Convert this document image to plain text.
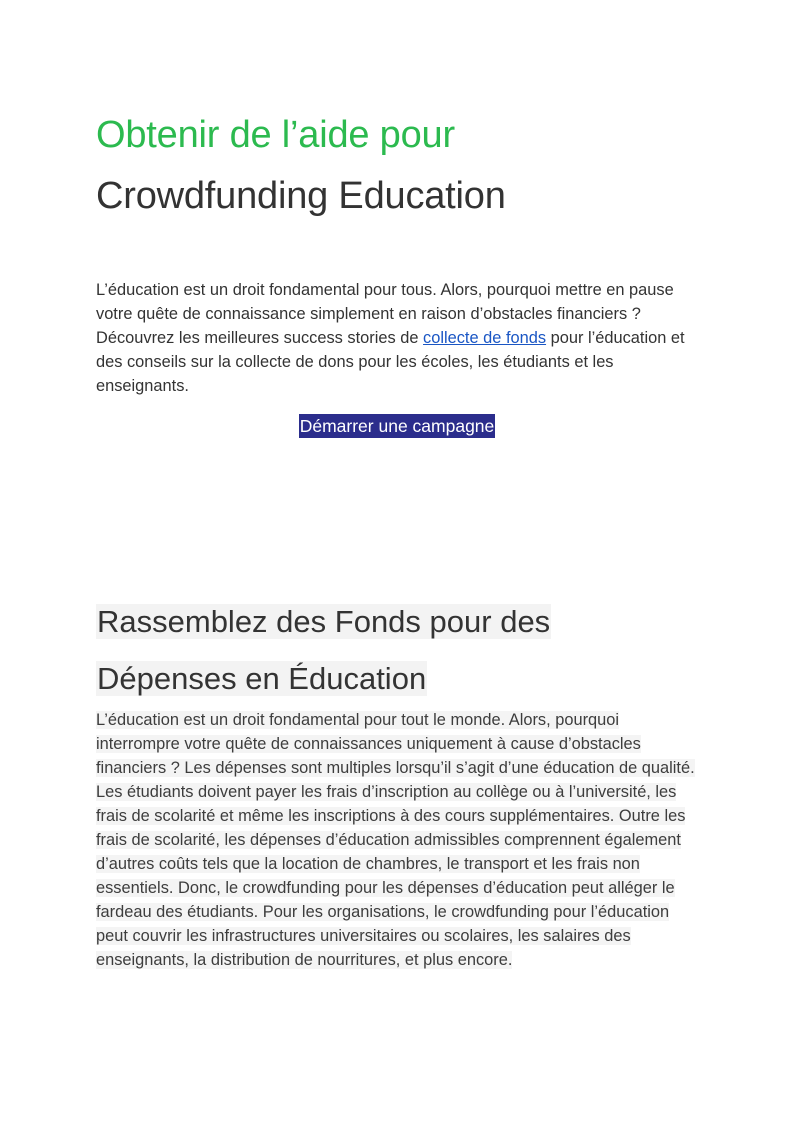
Obtenir de l’aide pour
Crowdfunding Education

L’éducation est un droit fondamental pour tous. Alors, pourquoi mettre en pause votre quête de connaissance simplement en raison d’obstacles financiers ? Découvrez les meilleures success stories de collecte de fonds pour l’éducation et des conseils sur la collecte de dons pour les écoles, les étudiants et les enseignants.

Démarrer une campagne
Rassemblez des Fonds pour des
Dépenses en Éducation

L’éducation est un droit fondamental pour tout le monde. Alors, pourquoi interrompre votre quête de connaissances uniquement à cause d’obstacles financiers ? Les dépenses sont multiples lorsqu’il s’agit d’une éducation de qualité. Les étudiants doivent payer les frais d’inscription au collège ou à l’université, les frais de scolarité et même les inscriptions à des cours supplémentaires. Outre les frais de scolarité, les dépenses d’éducation admissibles comprennent également d’autres coûts tels que la location de chambres, le transport et les frais non essentiels. Donc, le crowdfunding pour les dépenses d’éducation peut alléger le fardeau des étudiants. Pour les organisations, le crowdfunding pour l’éducation peut couvrir les infrastructures universitaires ou scolaires, les salaires des enseignants, la distribution de nourritures, et plus encore.
